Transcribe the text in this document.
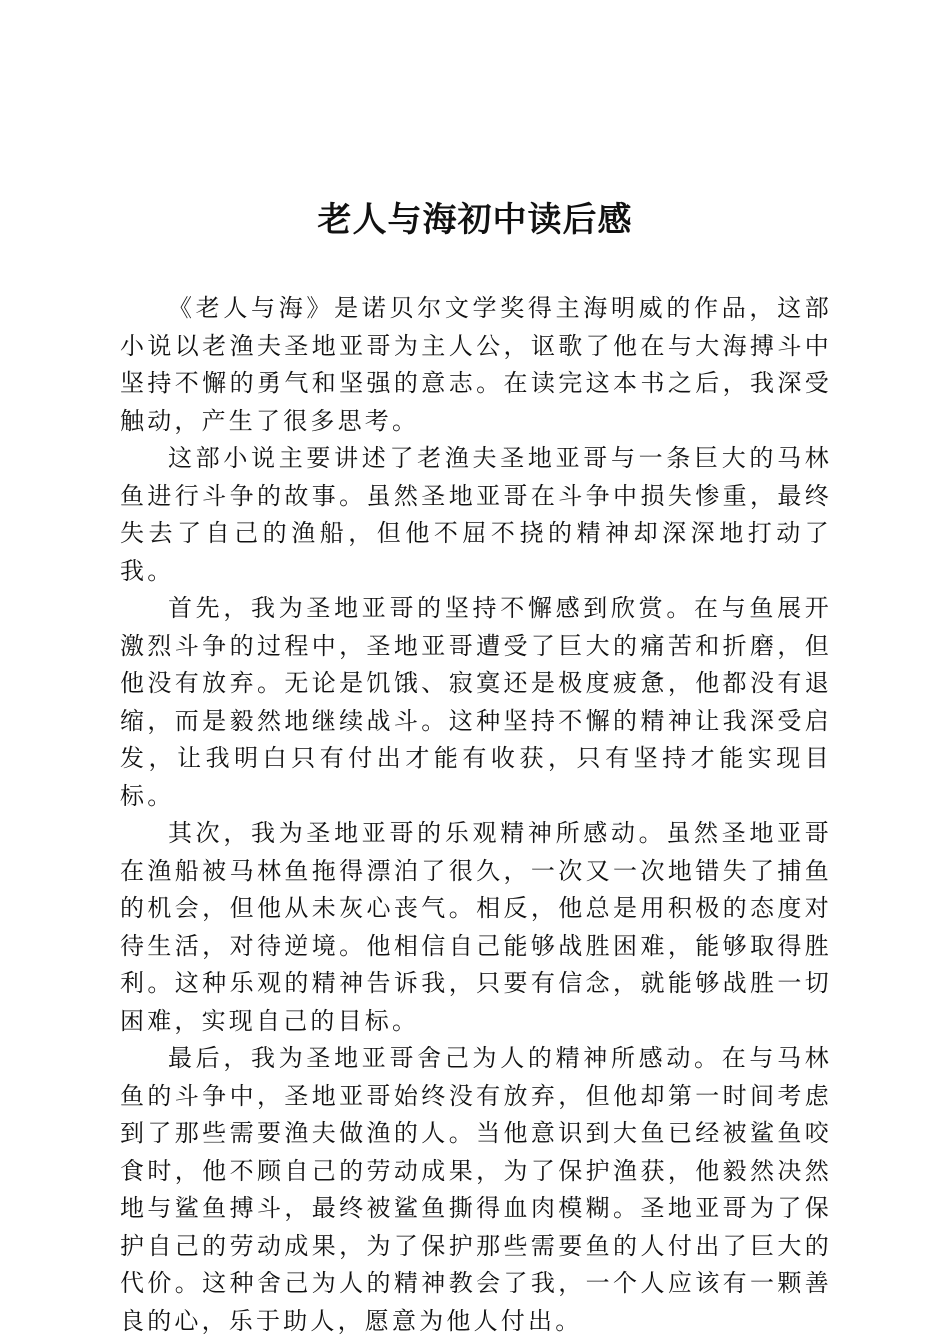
老人与海初中读后感

《老人与海》是诺贝尔文学奖得主海明威的作品，这部小说以老渔夫圣地亚哥为主人公，讴歌了他在与大海搏斗中坚持不懈的勇气和坚强的意志。在读完这本书之后，我深受触动，产生了很多思考。

这部小说主要讲述了老渔夫圣地亚哥与一条巨大的马林鱼进行斗争的故事。虽然圣地亚哥在斗争中损失惨重，最终失去了自己的渔船，但他不屈不挠的精神却深深地打动了我。

首先，我为圣地亚哥的坚持不懈感到欣赏。在与鱼展开激烈斗争的过程中，圣地亚哥遭受了巨大的痛苦和折磨，但他没有放弃。无论是饥饿、寂寞还是极度疲惫，他都没有退缩，而是毅然地继续战斗。这种坚持不懈的精神让我深受启发，让我明白只有付出才能有收获，只有坚持才能实现目标。

其次，我为圣地亚哥的乐观精神所感动。虽然圣地亚哥在渔船被马林鱼拖得漂泊了很久，一次又一次地错失了捕鱼的机会，但他从未灰心丧气。相反，他总是用积极的态度对待生活，对待逆境。他相信自己能够战胜困难，能够取得胜利。这种乐观的精神告诉我，只要有信念，就能够战胜一切困难，实现自己的目标。

最后，我为圣地亚哥舍己为人的精神所感动。在与马林鱼的斗争中，圣地亚哥始终没有放弃，但他却第一时间考虑到了那些需要渔夫做渔的人。当他意识到大鱼已经被鲨鱼咬食时，他不顾自己的劳动成果，为了保护渔获，他毅然决然地与鲨鱼搏斗，最终被鲨鱼撕得血肉模糊。圣地亚哥为了保护自己的劳动成果，为了保护那些需要鱼的人付出了巨大的代价。这种舍己为人的精神教会了我，一个人应该有一颗善良的心，乐于助人，愿意为他人付出。
